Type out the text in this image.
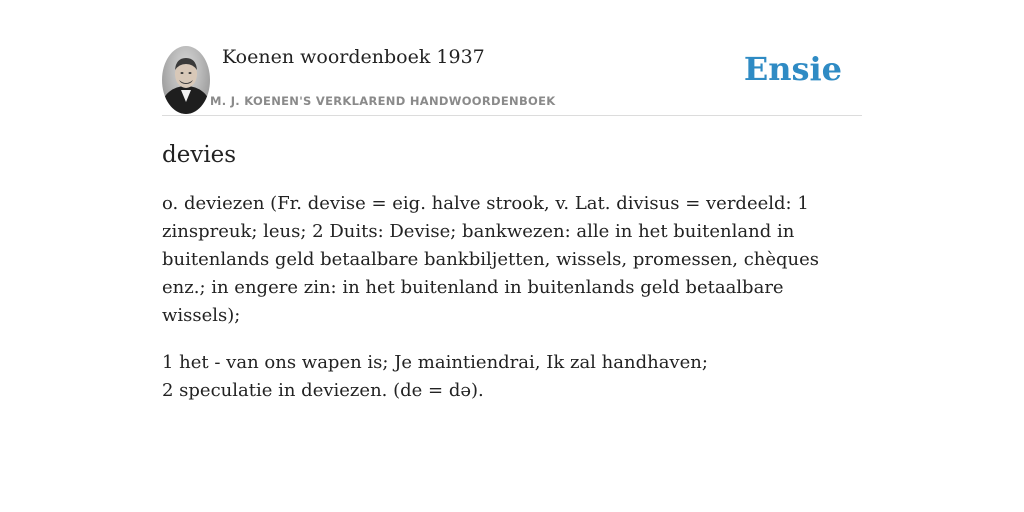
Koenen woordenboek 1937
M. J. KOENEN'S VERKLAREND HANDWOORDENBOEK
Ensie
devies
o. deviezen (Fr. devise = eig. halve strook, v. Lat. divisus = verdeeld: 1 zinspreuk; leus; 2 Duits: Devise; bankwezen: alle in het buitenland in buitenlands geld betaalbare bankbiljetten, wissels, promessen, chèques enz.; in engere zin: in het buitenland in buitenlands geld betaalbare wissels);
1 het - van ons wapen is; Je maintiendrai, Ik zal handhaven;
2 speculatie in deviezen. (de = də).
